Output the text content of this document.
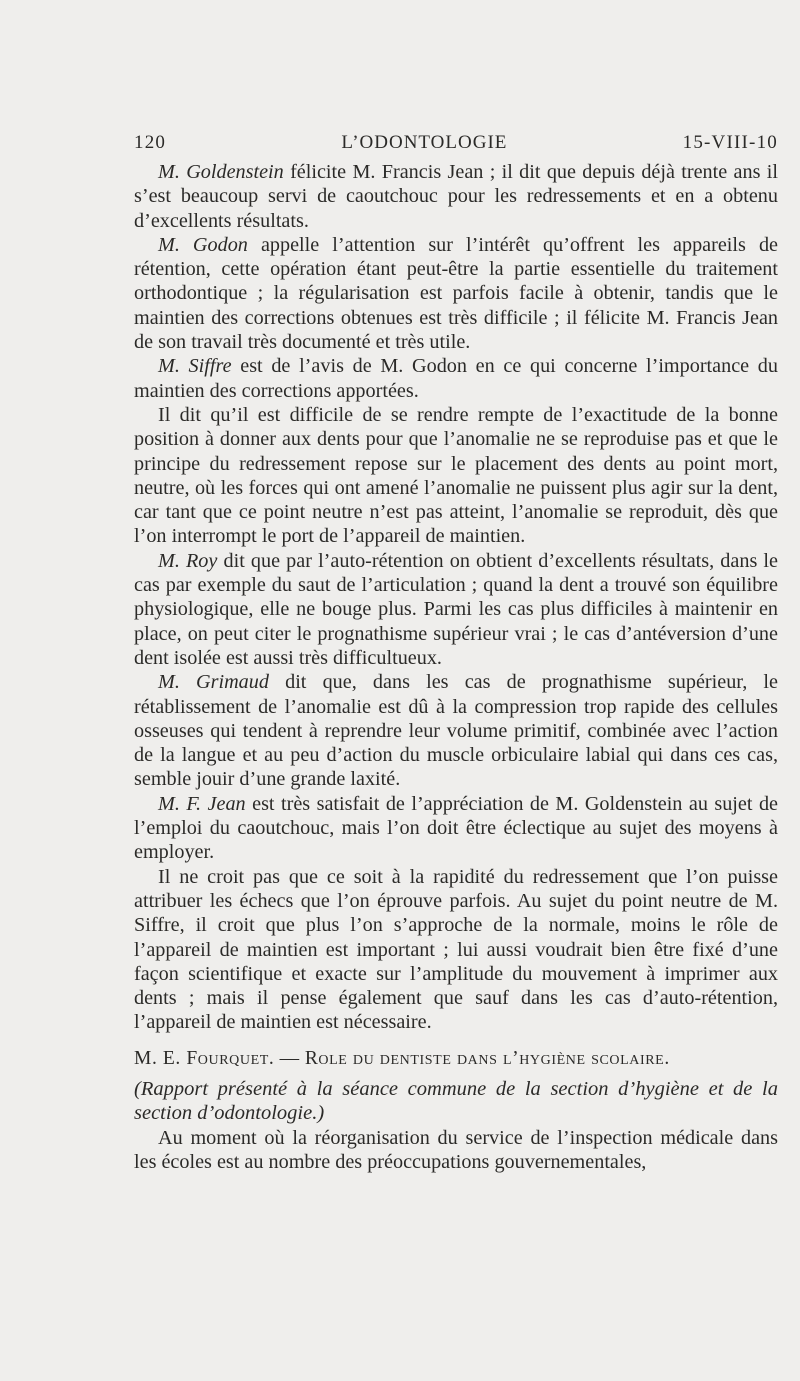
120	L’ODONTOLOGIE	15-VIII-10

M. Goldenstein félicite M. Francis Jean ; il dit que depuis déjà trente ans il s’est beaucoup servi de caoutchouc pour les redressements et en a obtenu d’excellents résultats.

M. Godon appelle l’attention sur l’intérêt qu’offrent les appareils de rétention, cette opération étant peut-être la partie essentielle du traitement orthodontique ; la régularisation est parfois facile à obtenir, tandis que le maintien des corrections obtenues est très difficile ; il félicite M. Francis Jean de son travail très documenté et très utile.

M. Siffre est de l’avis de M. Godon en ce qui concerne l’importance du maintien des corrections apportées.

Il dit qu’il est difficile de se rendre rempte de l’exactitude de la bonne position à donner aux dents pour que l’anomalie ne se reproduise pas et que le principe du redressement repose sur le placement des dents au point mort, neutre, où les forces qui ont amené l’anomalie ne puissent plus agir sur la dent, car tant que ce point neutre n’est pas atteint, l’anomalie se reproduit, dès que l’on interrompt le port de l’appareil de maintien.

M. Roy dit que par l’auto-rétention on obtient d’excellents résultats, dans le cas par exemple du saut de l’articulation ; quand la dent a trouvé son équilibre physiologique, elle ne bouge plus. Parmi les cas plus difficiles à maintenir en place, on peut citer le prognathisme supérieur vrai ; le cas d’antéversion d’une dent isolée est aussi très difficultueux.

M. Grimaud dit que, dans les cas de prognathisme supérieur, le rétablissement de l’anomalie est dû à la compression trop rapide des cellules osseuses qui tendent à reprendre leur volume primitif, combinée avec l’action de la langue et au peu d’action du muscle orbiculaire labial qui dans ces cas, semble jouir d’une grande laxité.

M. F. Jean est très satisfait de l’appréciation de M. Goldenstein au sujet de l’emploi du caoutchouc, mais l’on doit être éclectique au sujet des moyens à employer.

Il ne croit pas que ce soit à la rapidité du redressement que l’on puisse attribuer les échecs que l’on éprouve parfois. Au sujet du point neutre de M. Siffre, il croit que plus l’on s’approche de la normale, moins le rôle de l’appareil de maintien est important ; lui aussi voudrait bien être fixé d’une façon scientifique et exacte sur l’amplitude du mouvement à imprimer aux dents ; mais il pense également que sauf dans les cas d’auto-rétention, l’appareil de maintien est nécessaire.

M. E. Fourquet. — Role du dentiste dans l’hygiène scolaire.

(Rapport présenté à la séance commune de la section d’hygiène et de la section d’odontologie.)

Au moment où la réorganisation du service de l’inspection médicale dans les écoles est au nombre des préoccupations gouvernementales,
